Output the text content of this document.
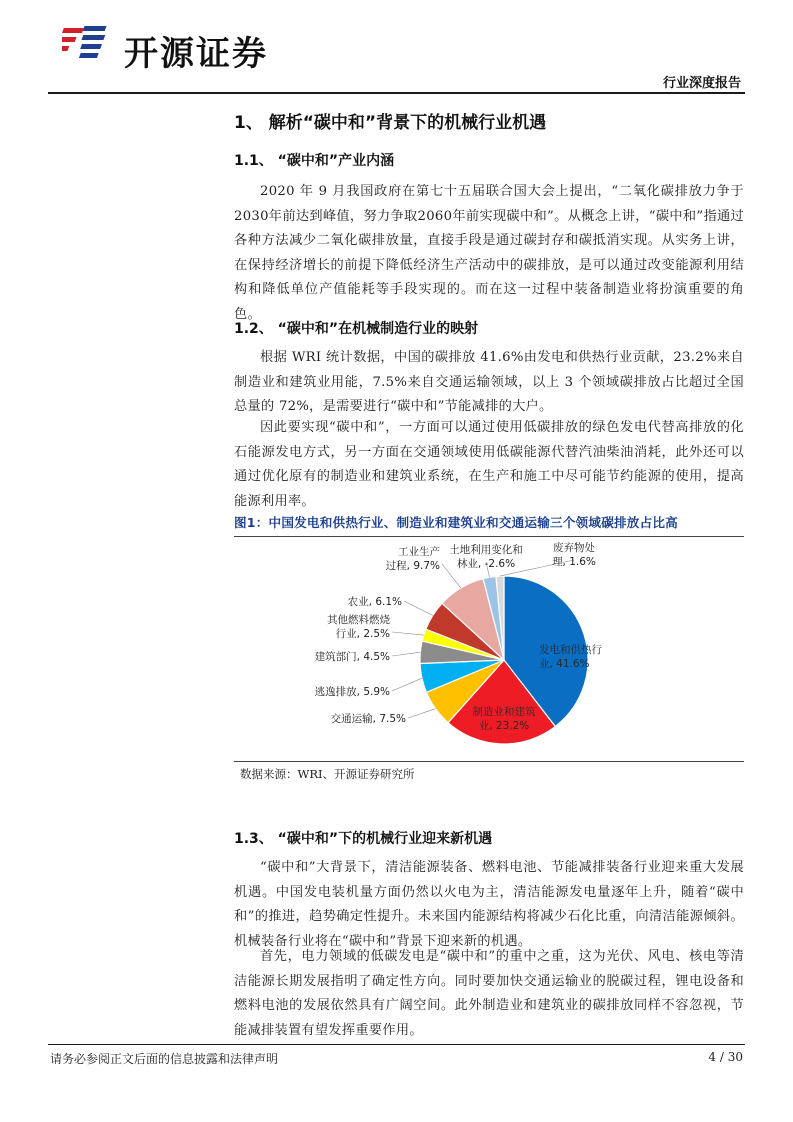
开源证券
行业深度报告
1、 解析“碳中和”背景下的机械行业机遇
1.1、 “碳中和”产业内涵

2020 年 9 月我国政府在第七十五届联合国大会上提出，“二氧化碳排放力争于2030年前达到峰值，努力争取2060年前实现碳中和”。从概念上讲，“碳中和”指通过各种方法减少二氧化碳排放量，直接手段是通过碳封存和碳抵消实现。从实务上讲，在保持经济增长的前提下降低经济生产活动中的碳排放，是可以通过改变能源利用结构和降低单位产值能耗等手段实现的。而在这一过程中装备制造业将扮演重要的角色。

1.2、 “碳中和”在机械制造行业的映射

根据 WRI 统计数据，中国的碳排放 41.6%由发电和供热行业贡献，23.2%来自制造业和建筑业用能，7.5%来自交通运输领域，以上 3 个领域碳排放占比超过全国总量的 72%，是需要进行“碳中和”节能减排的大户。

因此要实现“碳中和”，一方面可以通过使用低碳排放的绿色发电代替高排放的化石能源发电方式，另一方面在交通领域使用低碳能源代替汽油柴油消耗，此外还可以通过优化原有的制造业和建筑业系统，在生产和施工中尽可能节约能源的使用，提高能源利用率。

图1：中国发电和供热行业、制造业和建筑业和交通运输三个领域碳排放占比高
发电和供热行业, 41.6%
制造业和建筑业, 23.2%
交通运输, 7.5%
逃逸排放, 5.9%
建筑部门, 4.5%
其他燃料燃烧行业, 2.5%
农业, 6.1%
工业生产过程, 9.7%
土地利用变化和林业, -2.6%
废弃物处理, 1.6%
数据来源：WRI、开源证券研究所
1.3、 “碳中和”下的机械行业迎来新机遇

“碳中和”大背景下，清洁能源装备、燃料电池、节能减排装备行业迎来重大发展机遇。中国发电装机量方面仍然以火电为主，清洁能源发电量逐年上升，随着“碳中和”的推进，趋势确定性提升。未来国内能源结构将减少石化比重，向清洁能源倾斜。机械装备行业将在“碳中和”背景下迎来新的机遇。

首先，电力领域的低碳发电是“碳中和”的重中之重，这为光伏、风电、核电等清洁能源长期发展指明了确定性方向。同时要加快交通运输业的脱碳过程，锂电设备和燃料电池的发展依然具有广阔空间。此外制造业和建筑业的碳排放同样不容忽视，节能减排装置有望发挥重要作用。

请务必参阅正文后面的信息披露和法律声明	4 / 30
